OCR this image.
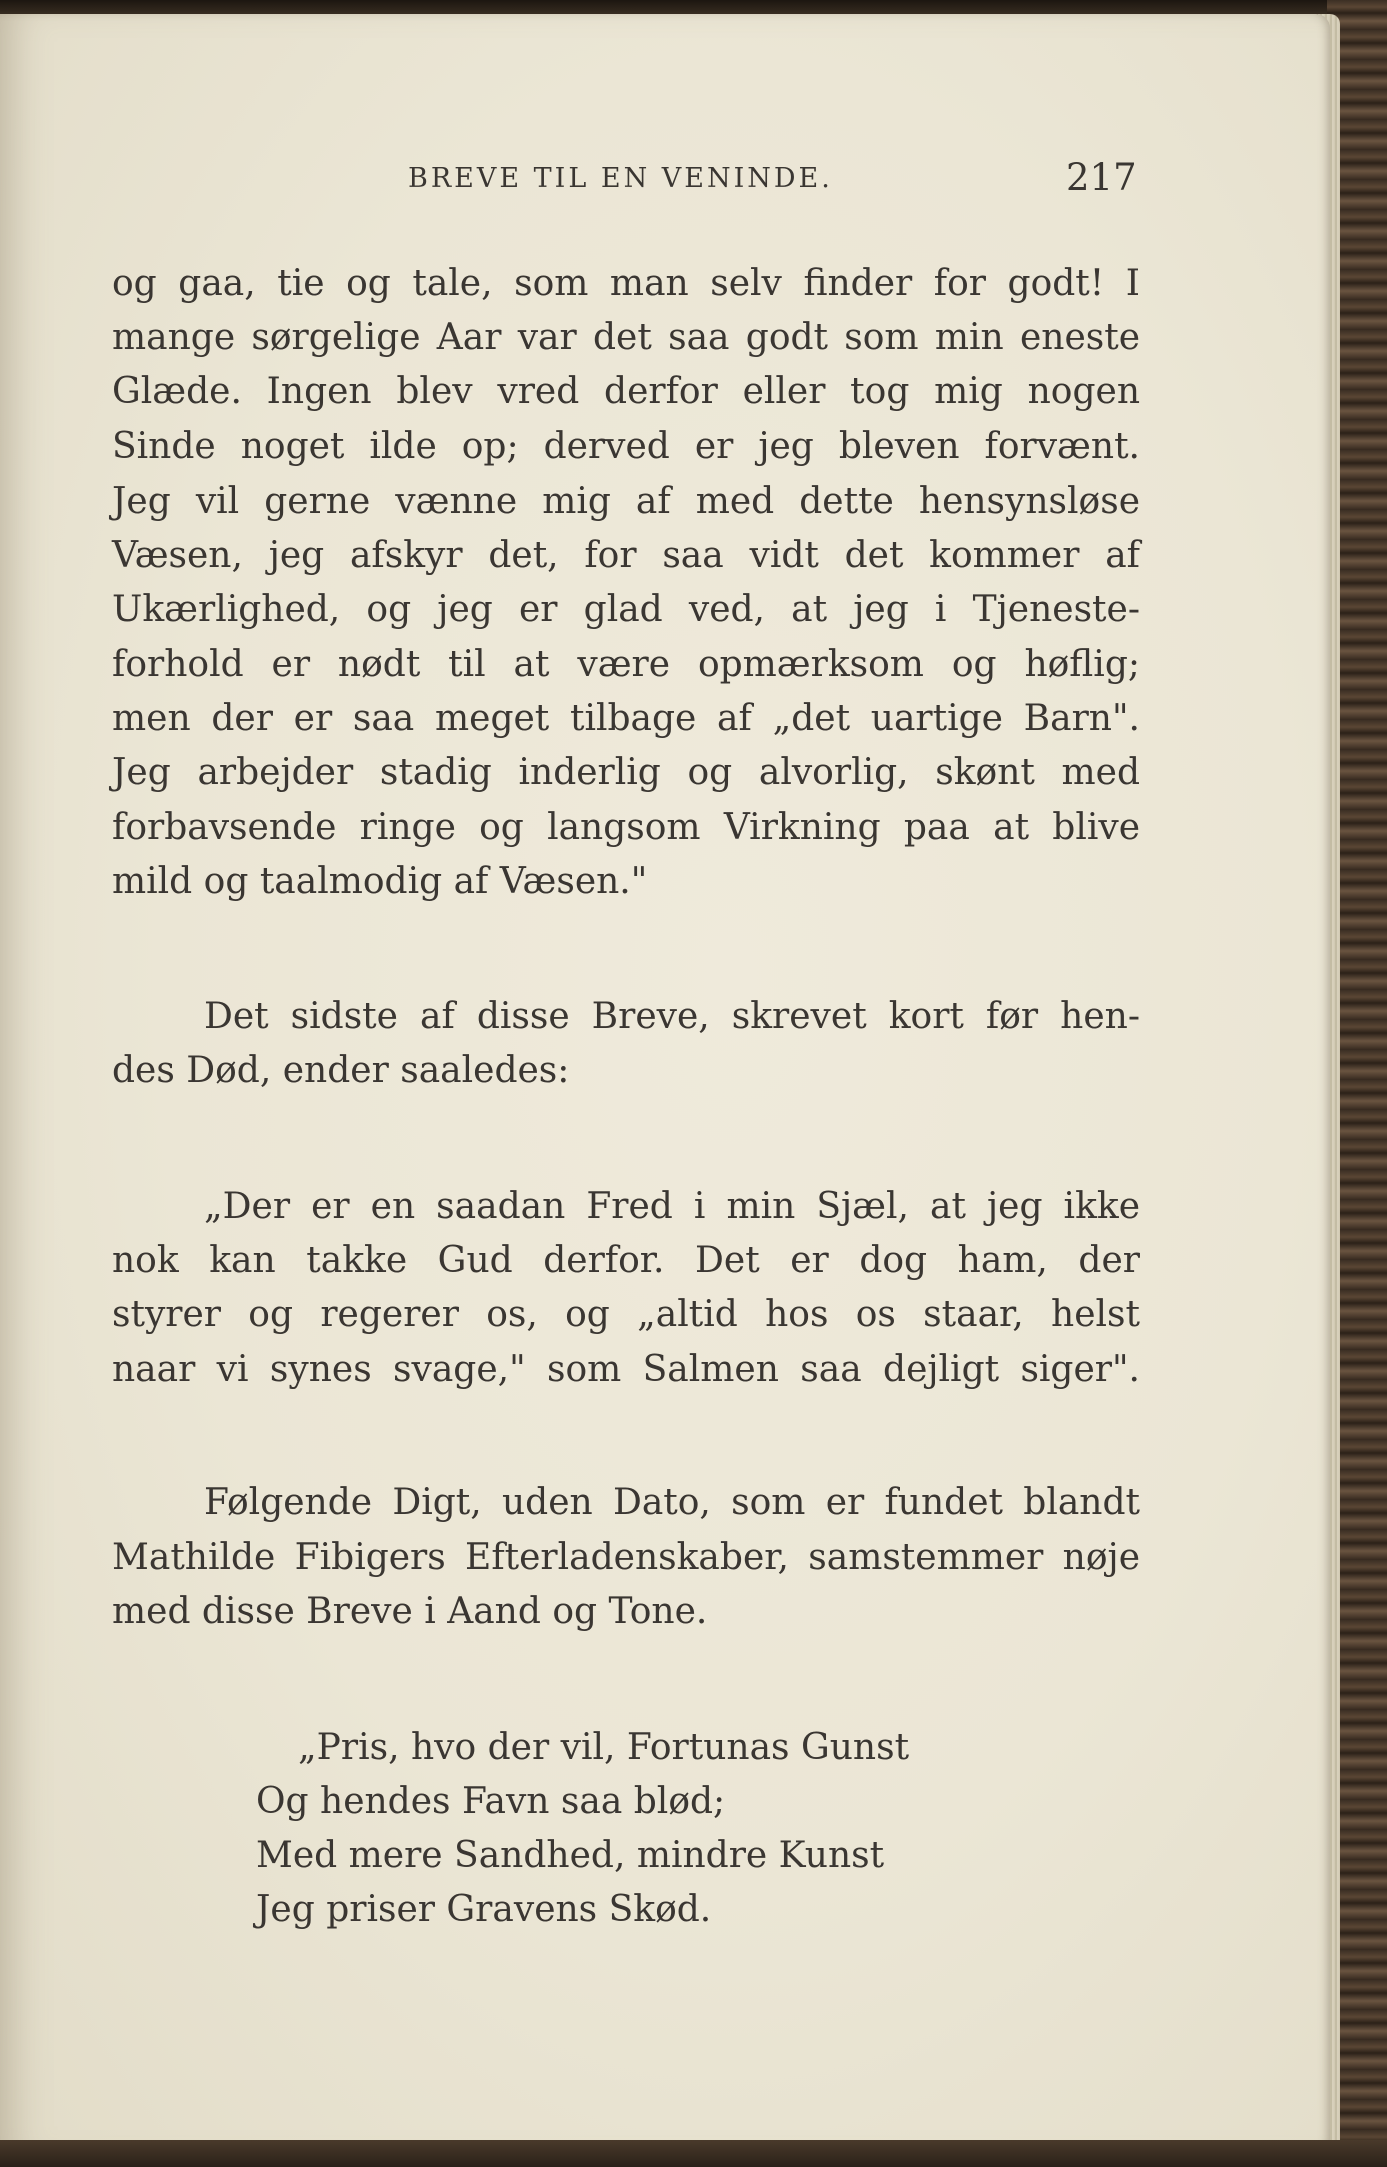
BREVE TIL EN VENINDE.	217
og gaa, tie og tale, som man selv finder for godt! I
mange sørgelige Aar var det saa godt som min eneste
Glæde. Ingen blev vred derfor eller tog mig nogen
Sinde noget ilde op; derved er jeg bleven forvænt.
Jeg vil gerne vænne mig af med dette hensynsløse
Væsen, jeg afskyr det, for saa vidt det kommer af
Ukærlighed, og jeg er glad ved, at jeg i Tjeneste-
forhold er nødt til at være opmærksom og høflig;
men der er saa meget tilbage af „det uartige Barn".
Jeg arbejder stadig inderlig og alvorlig, skønt med
forbavsende ringe og langsom Virkning paa at blive
mild og taalmodig af Væsen."
Det sidste af disse Breve, skrevet kort før hen-
des Død, ender saaledes:
„Der er en saadan Fred i min Sjæl, at jeg ikke
nok kan takke Gud derfor. Det er dog ham, der
styrer og regerer os, og „altid hos os staar, helst
naar vi synes svage," som Salmen saa dejligt siger".
Følgende Digt, uden Dato, som er fundet blandt
Mathilde Fibigers Efterladenskaber, samstemmer nøje
med disse Breve i Aand og Tone.
„Pris, hvo der vil, Fortunas Gunst
Og hendes Favn saa blød;
Med mere Sandhed, mindre Kunst
Jeg priser Gravens Skød.
